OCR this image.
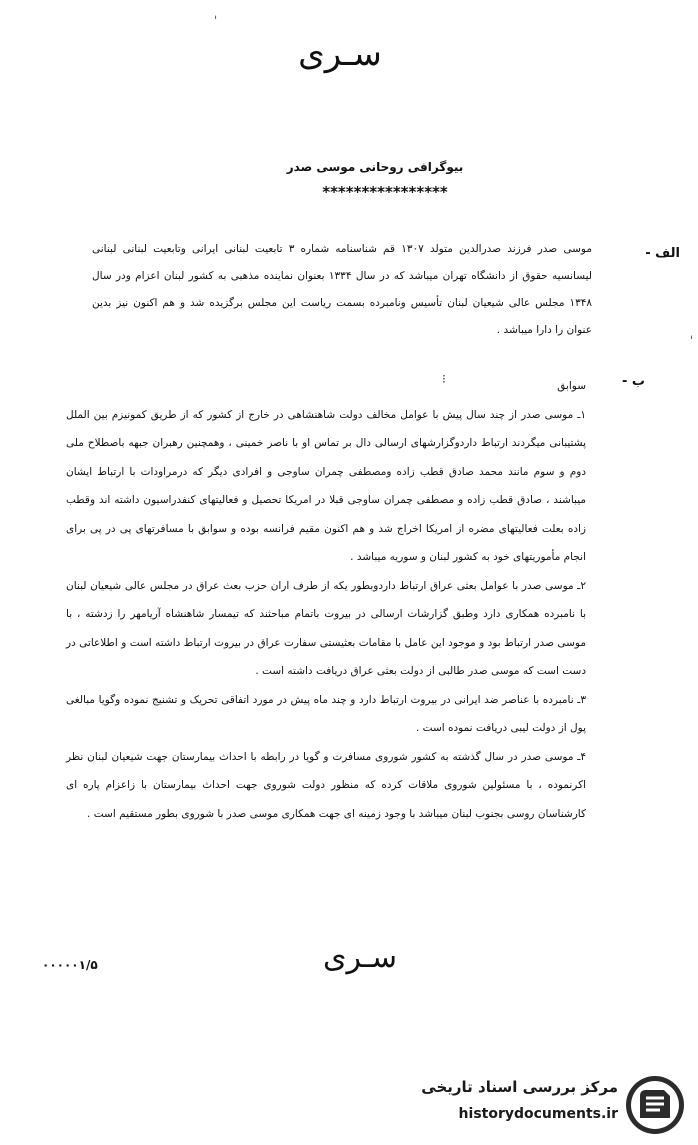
سـری
ˈ
بیوگرافی روحانی موسی صدر
****************
الف -
موسی صدر فرزند صدرالدین متولد ۱۳۰۷ قم شناسنامه شماره ۳ تابعیت لبنانی ایرانی وتابعیت لبنانی لبنانی لیسانسیه حقوق از دانشگاه تهران میباشد که در سال ۱۳۳۴ بعنوان نماینده مذهبی به کشور لبنان اعزام ودر سال ۱۳۴۸ مجلس عالی شیعیان لبنان تأسیس ونامبرده بسمت ریاست این مجلس برگزیده شد و هم اکنون نیز بدین عنوان را دارا میباشد .
ˈ
⁝	ب -

سوابق

۱ـ موسی صدر از چند سال پیش با عوامل مخالف دولت شاهنشاهی در خارج از کشور که از طریق کمونیزم بین الملل پشتیبانی میگردند ارتباط داردوگزارشهای ارسالی دال بر تماس او با ناصر خمینی ، وهمچنین رهبران جبهه باصطلاح ملی دوم و سوم مانند محمد صادق قطب زاده ومصطفی چمران ساوجی و افرادی دیگر که درمراودات با ارتباط ایشان میباشند ، صادق قطب زاده و مصطفی چمران ساوجی قبلا در امریکا تحصیل و فعالیتهای کنفدراسیون داشته اند وقطب زاده بعلت فعالیتهای مضره از امریکا اخراج شد و هم اکنون مقیم فرانسه بوده و سوابق با مسافرتهای پی در پی برای انجام مأموریتهای خود به کشور لبنان و سوریه میباشد .

۲ـ موسی صدر با عوامل بعثی عراق ارتباط داردوبطور یکه از طرف اران حزب بعث عراق در مجلس عالی شیعیان لبنان با نامبرده همکاری دارد وطبق گزارشات ارسالی در بیروت باتمام مباحثند که تیمسار شاهنشاه آریامهر را زدشته ، با موسی صدر ارتباط بود و موجود این عامل با مقامات بعثیستی سفارت عراق در بیروت ارتباط داشته است و اطلاعاتی در دست است که موسی صدر طالبی از دولت بعثی عراق دریافت داشته است .

۳ـ نامبرده با عناصر ضد ایرانی در بیروت ارتباط دارد و چند ماه پیش در مورد اتفاقی تحریک و تشنیج نموده وگویا مبالغی پول از دولت لیبی دریافت نموده است .

۴ـ موسی صدر در سال گذشته به کشور شوروی مسافرت و گویا در رابطه با احداث بیمارستان جهت شیعیان لبنان نظر اکرنموده ، با مسئولین شوروی ملاقات کرده که منظور دولت شوروی جهت احداث بیمارستان با زاعزام پاره ای کارشناسان روسی بجنوب لبنان میباشد با وجود زمینه ای جهت همکاری موسی صدر با شوروی بطور مستقیم است .

۰۰۰۰۰۱/۵	سـری
مرکز بررسی اسناد تاریخی
historydocuments.ir
